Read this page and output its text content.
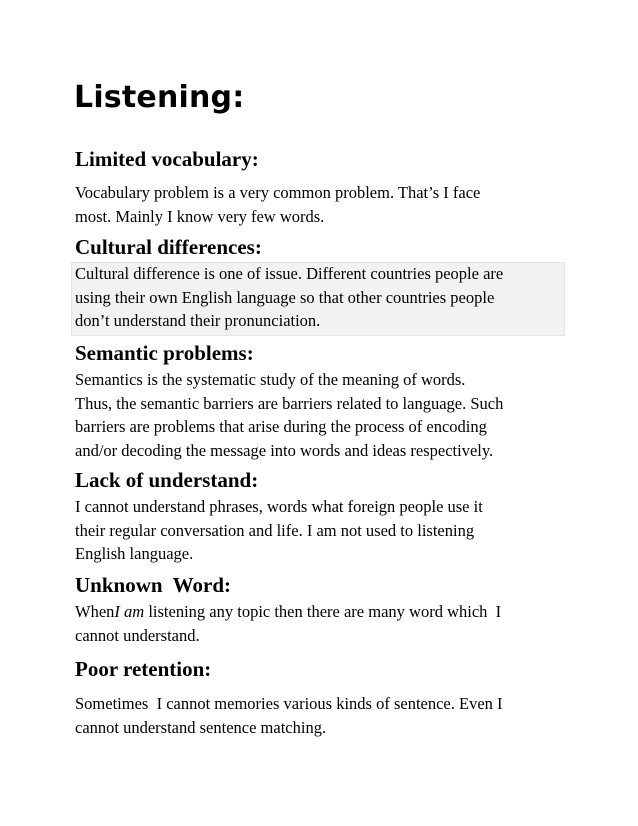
Listening:
Limited vocabulary:

Vocabulary problem is a very common problem. That’s I face
most. Mainly I know very few words.

Cultural differences:

Cultural difference is one of issue. Different countries people are
using their own English language so that other countries people
don’t understand their pronunciation.

Semantic problems:

Semantics is the systematic study of the meaning of words.
Thus, the semantic barriers are barriers related to language. Such
barriers are problems that arise during the process of encoding
and/or decoding the message into words and ideas respectively.

Lack of understand:

I cannot understand phrases, words what foreign people use it
their regular conversation and life. I am not used to listening
English language.

Unknown  Word:

WhenI am listening any topic then there are many word which  I
cannot understand.

Poor retention:

Sometimes  I cannot memories various kinds of sentence. Even I
cannot understand sentence matching.
